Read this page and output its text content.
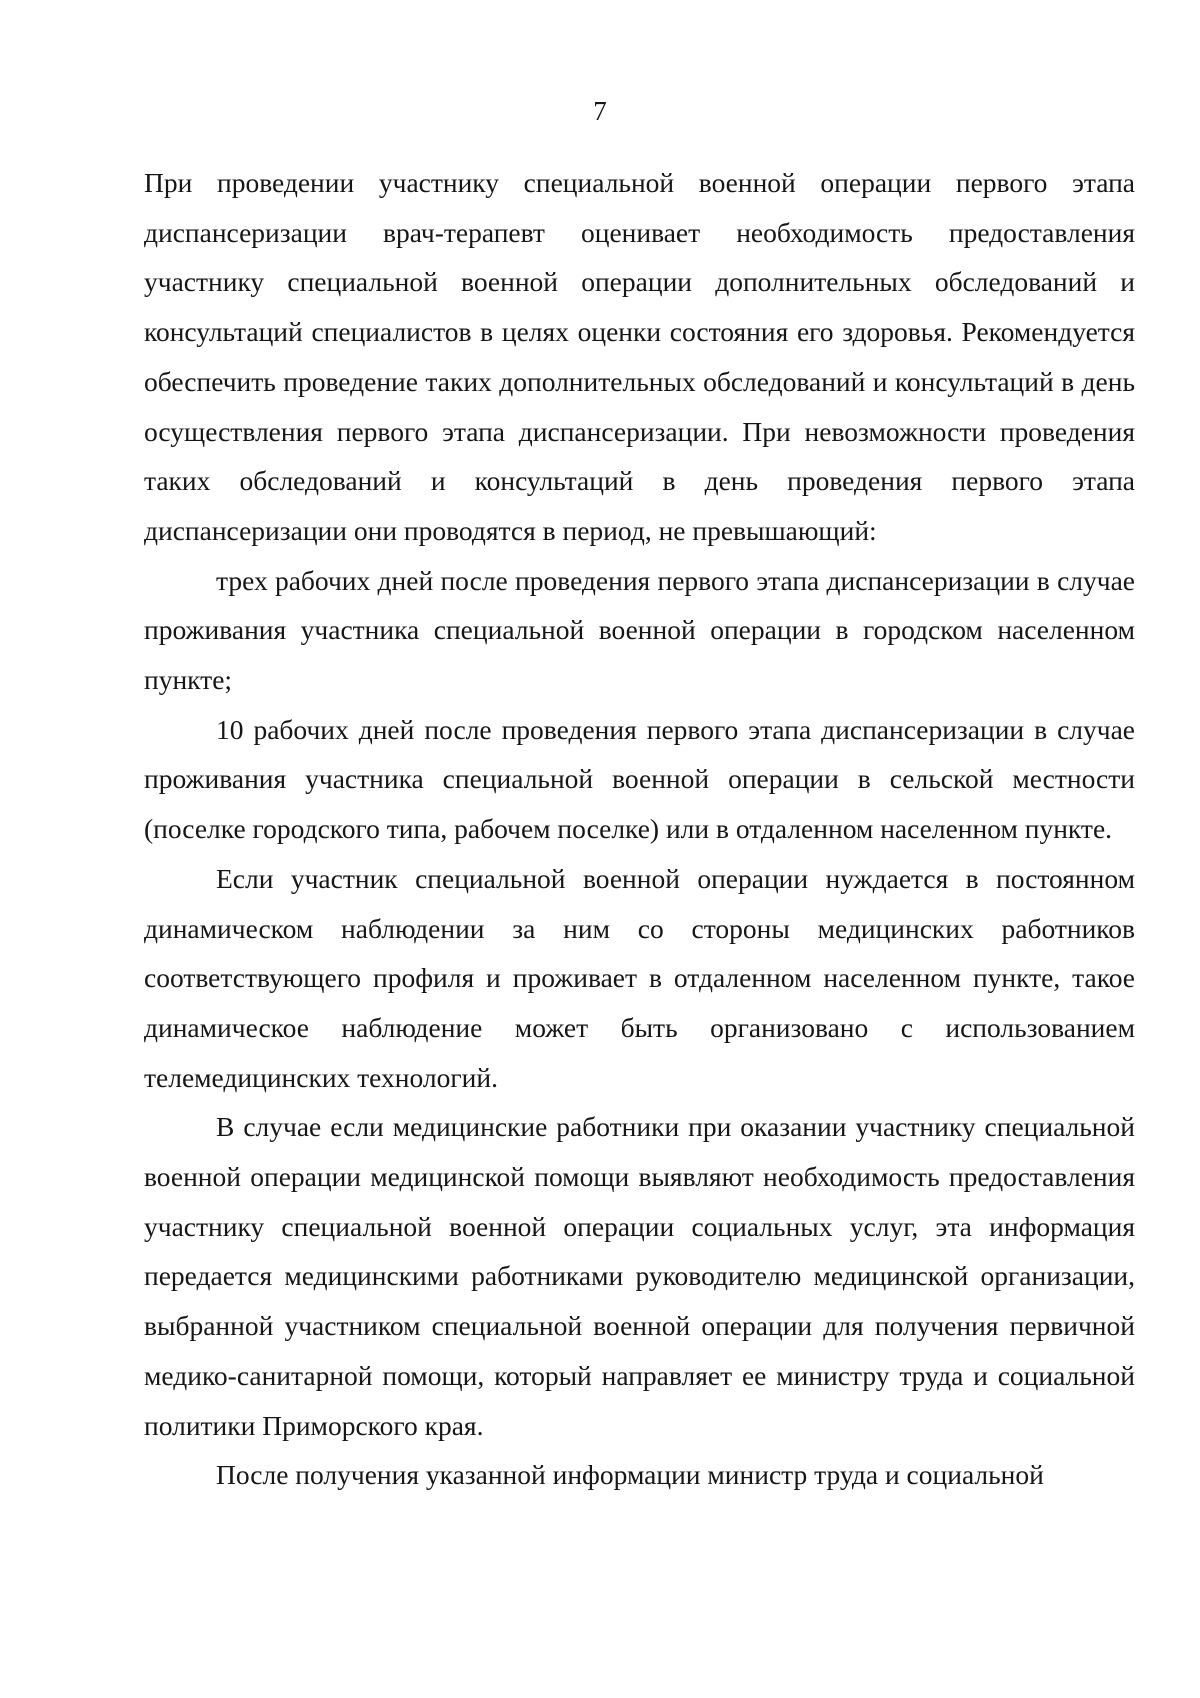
7

При проведении участнику специальной военной операции первого этапа диспансеризации врач-терапевт оценивает необходимость предоставления участнику специальной военной операции дополнительных обследований и консультаций специалистов в целях оценки состояния его здоровья. Рекомендуется обеспечить проведение таких дополнительных обследований и консультаций в день осуществления первого этапа диспансеризации. При невозможности проведения таких обследований и консультаций в день проведения первого этапа диспансеризации они проводятся в период, не превышающий:

трех рабочих дней после проведения первого этапа диспансеризации в случае проживания участника специальной военной операции в городском населенном пункте;

10 рабочих дней после проведения первого этапа диспансеризации в случае проживания участника специальной военной операции в сельской местности (поселке городского типа, рабочем поселке) или в отдаленном населенном пункте.

Если участник специальной военной операции нуждается в постоянном динамическом наблюдении за ним со стороны медицинских работников соответствующего профиля и проживает в отдаленном населенном пункте, такое динамическое наблюдение может быть организовано с использованием телемедицинских технологий.

В случае если медицинские работники при оказании участнику специальной военной операции медицинской помощи выявляют необходимость предоставления участнику специальной военной операции социальных услуг, эта информация передается медицинскими работниками руководителю медицинской организации, выбранной участником специальной военной операции для получения первичной медико-санитарной помощи, который направляет ее министру труда и социальной политики Приморского края.

После получения указанной информации министр труда и социальной
